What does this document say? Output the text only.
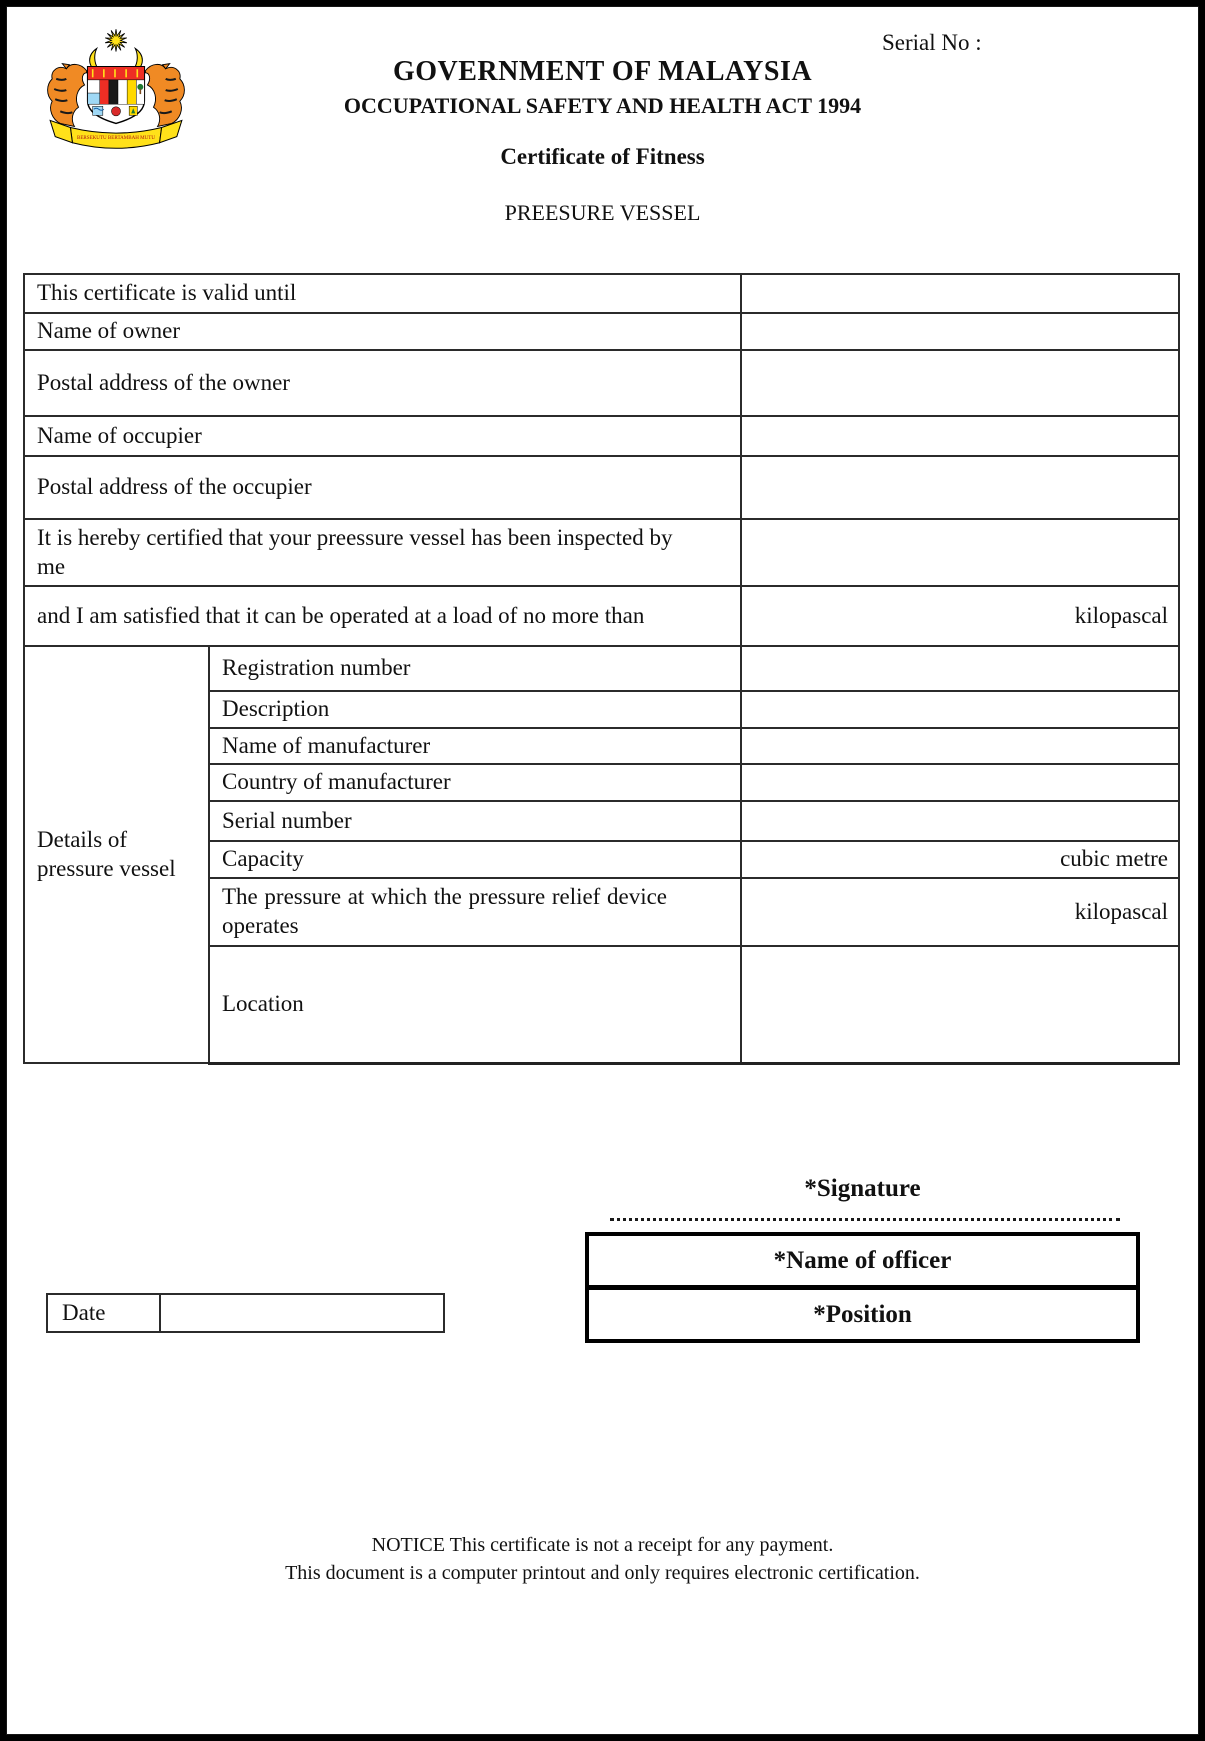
BERSEKUTU BERTAMBAH MUTU
Serial No :
GOVERNMENT OF MALAYSIA
OCCUPATIONAL SAFETY AND HEALTH ACT 1994
Certificate of Fitness
PREESURE VESSEL
This certificate is valid until		
Name of owner		
Postal address of the owner		
Name of occupier		
Postal address of the occupier		

It is hereby certified that your preessure vessel has been inspected by me		

and I am satisfied that it can be operated at a load of no more than		kilopascal
Details of pressure vessel	Registration number	
	Description	
	Name of manufacturer	
	Country of manufacturer	
	Serial number	
	Capacity	cubic metre

	The pressure at which the pressure relief device operates	kilopascal
	Location	
*Signature
*Name of officer
*Position
Date	
NOTICE This certificate is not a receipt for any payment.
This document is a computer printout and only requires electronic certification.
